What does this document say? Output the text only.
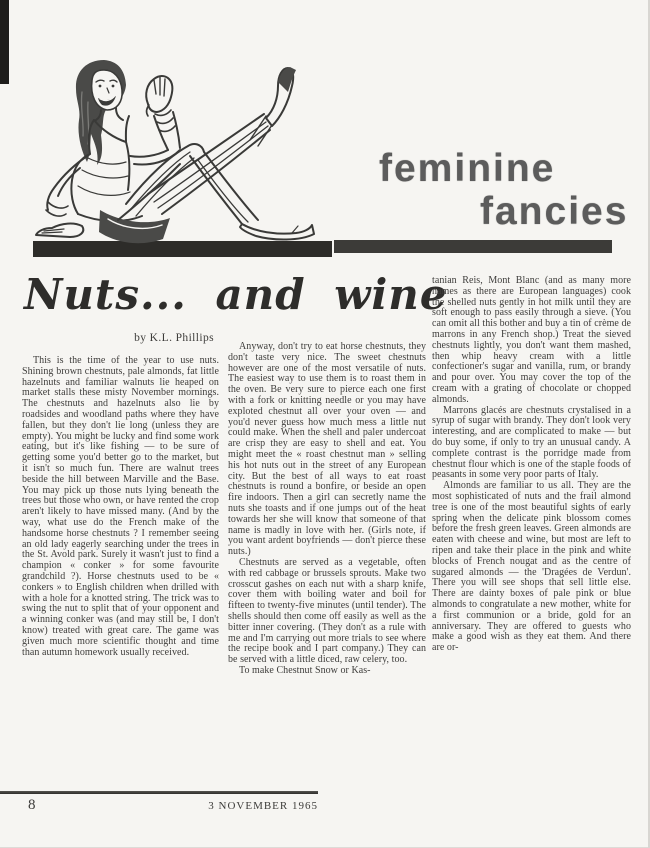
feminine
fancies
Nuts... and wine
by K.L. Phillips

This is the time of the year to use nuts. Shining brown chestnuts, pale almonds, fat little hazelnuts and familiar walnuts lie heaped on market stalls these misty November mornings. The chestnuts and hazelnuts also lie by roadsides and woodland paths where they have fallen, but they don't lie long (unless they are empty). You might be lucky and find some work eating, but it's like fishing — to be sure of getting some you'd better go to the market, but it isn't so much fun. There are walnut trees beside the hill between Marville and the Base. You may pick up those nuts lying beneath the trees but those who own, or have rented the crop aren't likely to have missed many. (And by the way, what use do the French make of the handsome horse chestnuts ? I remember seeing an old lady eagerly searching under the trees in the St. Avold park. Surely it wasn't just to find a champion « conker » for some favourite grandchild ?). Horse chestnuts used to be « conkers » to English children when drilled with with a hole for a knotted string. The trick was to swing the nut to split that of your opponent and a winning conker was (and may still be, I don't know) treated with great care. The game was given much more scientific thought and time than autumn homework usually received.

Anyway, don't try to eat horse chestnuts, they don't taste very nice. The sweet chestnuts however are one of the most versatile of nuts. The easiest way to use them is to roast them in the oven. Be very sure to pierce each one first with a fork or knitting needle or you may have exploted chestnut all over your oven — and you'd never guess how much mess a little nut could make. When the shell and paler undercoat are crisp they are easy to shell and eat. You might meet the « roast chestnut man » selling his hot nuts out in the street of any European city. But the best of all ways to eat roast chestnuts is round a bonfire, or beside an open fire indoors. Then a girl can secretly name the nuts she toasts and if one jumps out of the heat towards her she will know that someone of that name is madly in love with her. (Girls note, if you want ardent boyfriends — don't pierce these nuts.)

Chestnuts are served as a vegetable, often with red cabbage or brussels sprouts. Make two crosscut gashes on each nut with a sharp knife, cover them with boiling water and boil for fifteen to twenty-five minutes (until tender). The shells should then come off easily as well as the bitter inner covering. (They don't as a rule with me and I'm carrying out more trials to see where the recipe book and I part company.) They can be served with a little diced, raw celery, too.

To make Chestnut Snow or Kas-

tanian Reis, Mont Blanc (and as many more names as there are European languages) cook the shelled nuts gently in hot milk until they are soft enough to pass easily through a sieve. (You can omit all this bother and buy a tin of crème de marrons in any French shop.) Treat the sieved chestnuts lightly, you don't want them mashed, then whip heavy cream with a little confectioner's sugar and vanilla, rum, or brandy and pour over. You may cover the top of the cream with a grating of chocolate or chopped almonds.

Marrons glacés are chestnuts crystalised in a syrup of sugar with brandy. They don't look very interesting, and are complicated to make — but do buy some, if only to try an unusual candy. A complete contrast is the porridge made from chestnut flour which is one of the staple foods of peasants in some very poor parts of Italy.

Almonds are familiar to us all. They are the most sophisticated of nuts and the frail almond tree is one of the most beautiful sights of early spring when the delicate pink blossom comes before the fresh green leaves. Green almonds are eaten with cheese and wine, but most are left to ripen and take their place in the pink and white blocks of French nougat and as the centre of sugared almonds — the 'Dragées de Verdun'. There you will see shops that sell little else. There are dainty boxes of pale pink or blue almonds to congratulate a new mother, white for a first communion or a bride, gold for an anniversary. They are offered to guests who make a good wish as they eat them. And there are or-

8	3 NOVEMBER 1965
